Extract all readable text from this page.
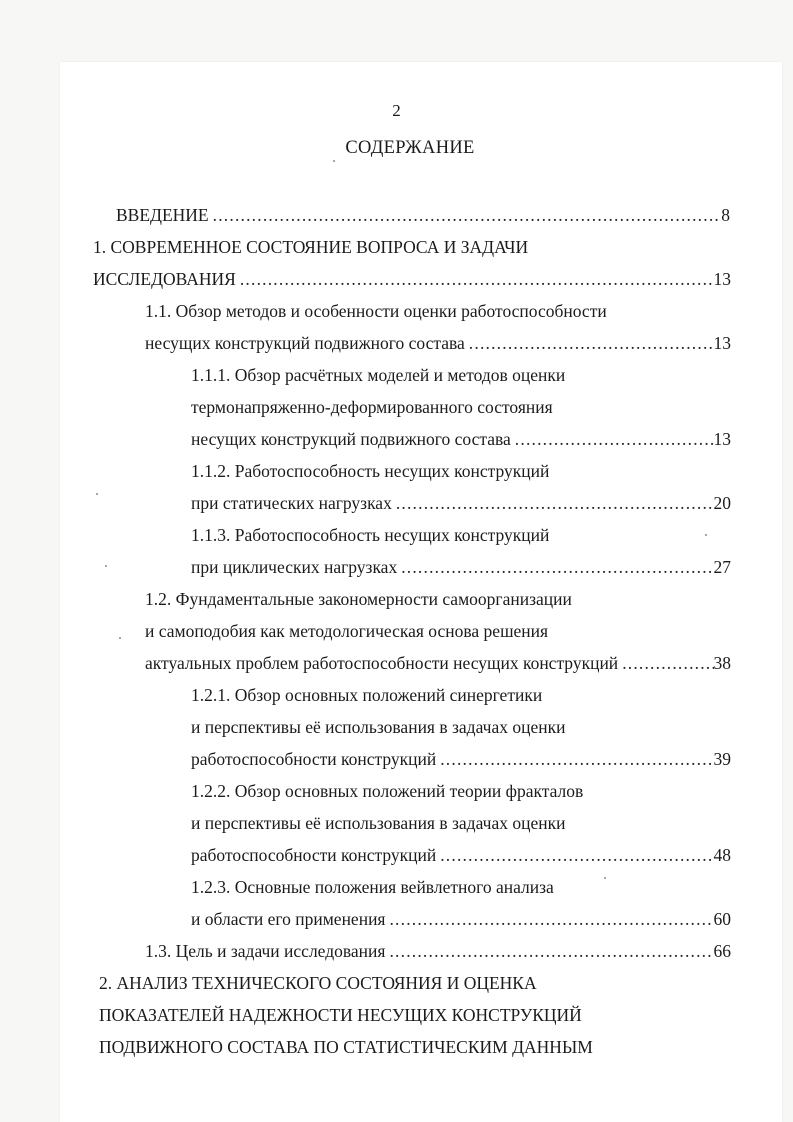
2
СОДЕРЖАНИЕ
ВВЕДЕНИЕ .....	8
1. СОВРЕМЕННОЕ СОСТОЯНИЕ ВОПРОСА И ЗАДАЧИ
ИССЛЕДОВАНИЯ .....	13
1.1. Обзор методов и особенности оценки работоспособности
несущих конструкций подвижного состава .....	13
1.1.1. Обзор расчётных моделей и методов оценки
термонапряженно-деформированного состояния
несущих конструкций подвижного состава .....	13
1.1.2. Работоспособность несущих конструкций
при статических нагрузках .....	20
1.1.3. Работоспособность несущих конструкций
при циклических нагрузках .....	27
1.2. Фундаментальные закономерности самоорганизации
и самоподобия как методологическая основа решения
актуальных проблем работоспособности несущих конструкций .....	38
1.2.1. Обзор основных положений синергетики
и перспективы её использования в задачах оценки
работоспособности конструкций .....	39
1.2.2. Обзор основных положений теории фракталов
и перспективы её использования в задачах оценки
работоспособности конструкций .....	48
1.2.3. Основные положения вейвлетного анализа
и области его применения .....	60
1.3. Цель и задачи исследования .....	66
2. АНАЛИЗ ТЕХНИЧЕСКОГО СОСТОЯНИЯ И ОЦЕНКА
ПОКАЗАТЕЛЕЙ НАДЕЖНОСТИ НЕСУЩИХ КОНСТРУКЦИЙ
ПОДВИЖНОГО СОСТАВА ПО СТАТИСТИЧЕСКИМ ДАННЫМ
